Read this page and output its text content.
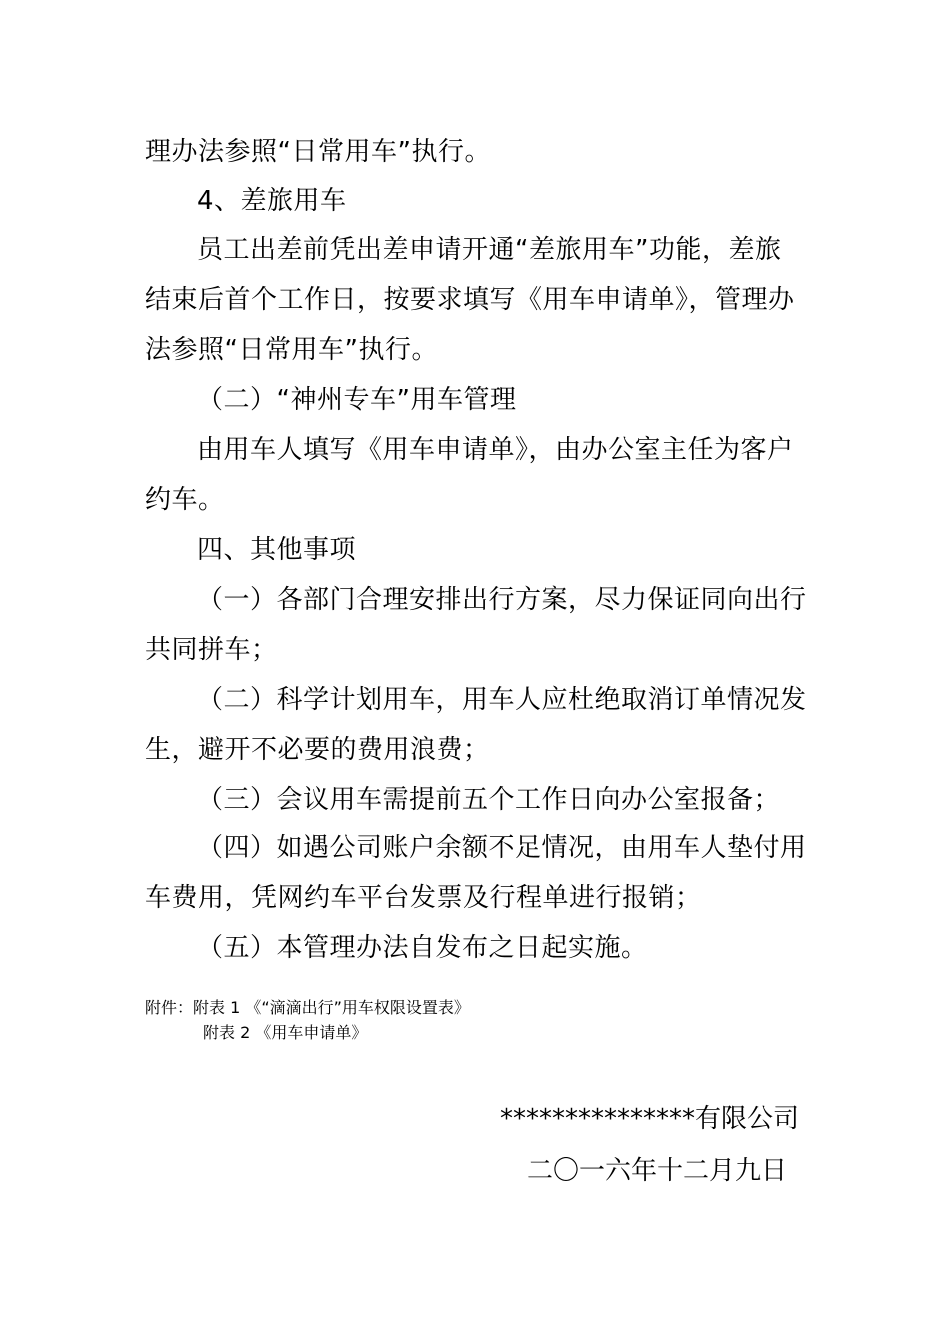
理办法参照“日常用车”执行。
4、差旅用车
员工出差前凭出差申请开通“差旅用车”功能，差旅
结束后首个工作日，按要求填写《用车申请单》，管理办
法参照“日常用车”执行。
（二）“神州专车”用车管理
由用车人填写《用车申请单》，由办公室主任为客户
约车。
四、其他事项
（一）各部门合理安排出行方案，尽力保证同向出行
共同拼车；
（二）科学计划用车，用车人应杜绝取消订单情况发
生，避开不必要的费用浪费；
（三）会议用车需提前五个工作日向办公室报备；
（四）如遇公司账户余额不足情况，由用车人垫付用
车费用，凭网约车平台发票及行程单进行报销；
（五）本管理办法自发布之日起实施。
附件：附表 1 《“滴滴出行”用车权限设置表》
附表 2 《用车申请单》
***************有限公司
二〇一六年十二月九日
